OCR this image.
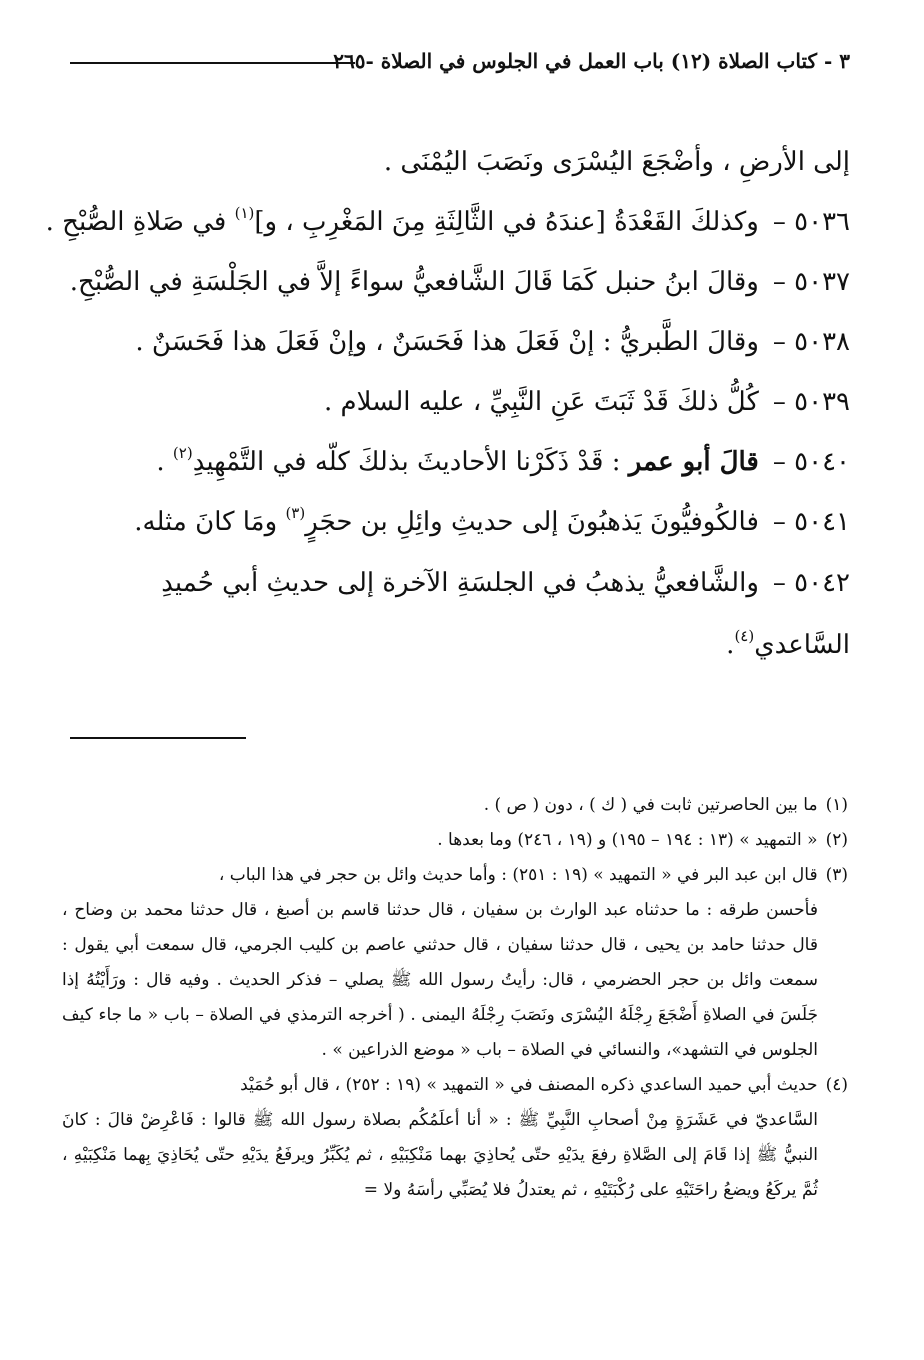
٣ - كتاب الصلاة (١٢) باب العمل في الجلوس في الصلاة -٢٦٥
إلى الأرضِ ، وأضْجَعَ اليُسْرَى ونَصَبَ اليُمْنَى .
٥٠٣٦ –وكذلكَ القَعْدَةُ [عندَهُ في الثَّالِثَةِ مِنَ المَغْرِبِ ، و]$^{(١)}$ في صَلاةِ الصُّبْحِ .
٥٠٣٧ –وقالَ ابنُ حنبل كَمَا قَالَ الشَّافعيُّ سواءً إلاَّ في الجَلْسَةِ في الصُّبْحِ.
٥٠٣٨ –وقالَ الطَّبريُّ : إنْ فَعَلَ هذا فَحَسَنٌ ، وإنْ فَعَلَ هذا فَحَسَنٌ .
٥٠٣٩ –كُلُّ ذلكَ قَدْ ثَبَتَ عَنِ النَّبِيِّ ، عليه السلام .
٥٠٤٠ –قالَ أبو عمر : قَدْ ذَكَرْنا الأحاديثَ بذلكَ كلّه في التَّمْهِيدِ$^{(٢)}$ .
٥٠٤١ –فالكُوفيُّونَ يَذهبُونَ إلى حديثِ وائِلِ بن حجَرٍ$^{(٣)}$ ومَا كانَ مثله.
٥٠٤٢ –والشَّافعيُّ يذهبُ في الجلسَةِ الآخرة إلى حديثِ أبي حُميدِ السَّاعدي$^{(٤)}$.
(١)ما بين الحاصرتين ثابت في ( ك ) ، دون ( ص ) .
(٢)« التمهيد » (١٣ : ١٩٤ – ١٩٥) و (١٩ ، ٢٤٦) وما بعدها .
(٣)قال ابن عبد البر في « التمهيد » (١٩ : ٢٥١) : وأما حديث وائل بن حجر في هذا الباب ،
فأحسن طرقه : ما حدثناه عبد الوارث بن سفيان ، قال حدثنا قاسم بن أصبغ ، قال حدثنا محمد بن وضاح ، قال حدثنا حامد بن يحيى ، قال حدثنا سفيان ، قال حدثني عاصم بن كليب الجرمي، قال سمعت أبي يقول : سمعت وائل بن حجر الحضرمي ، قال: رأيتُ رسول الله ﷺ يصلي – فذكر الحديث . وفيه قال : ورَأَيْتُهُ إذا جَلَسَ في الصلاةِ أَضْجَعَ رِجْلَهُ اليُسْرَى ونَصَبَ رِجْلَهُ اليمنى . ( أخرجه الترمذي في الصلاة – باب « ما جاء كيف الجلوس في التشهد»، والنسائي في الصلاة – باب « موضع الذراعين » .
(٤)حديث أبي حميد الساعدي ذكره المصنف في « التمهيد » (١٩ : ٢٥٢) ، قال أبو حُمَيْد
السَّاعديّ في عَشَرَةٍ مِنْ أصحابِ النَّبِيِّ ﷺ : « أنا أعلَمُكُم بصلاة رسول الله ﷺ قالوا : فَاعْرِضْ قالَ : كانَ النبيُّ ﷺ إذا قَامَ إلى الصَّلاةِ رفعَ يدَيْهِ حتّى يُحاذِيَ بهما مَنْكِبَيْهِ ، ثم يُكَبِّرُ ويرفَعُ يدَيْهِ حتّى يُحَاذِيَ بِهما مَنْكِبَيْهِ ، ثُمَّ يركَعُ ويضعُ راحَتَيْهِ على رُكْبَتَيْهِ ، ثم يعتدلُ فلا يُصَبِّي رأسَهُ ولا =
